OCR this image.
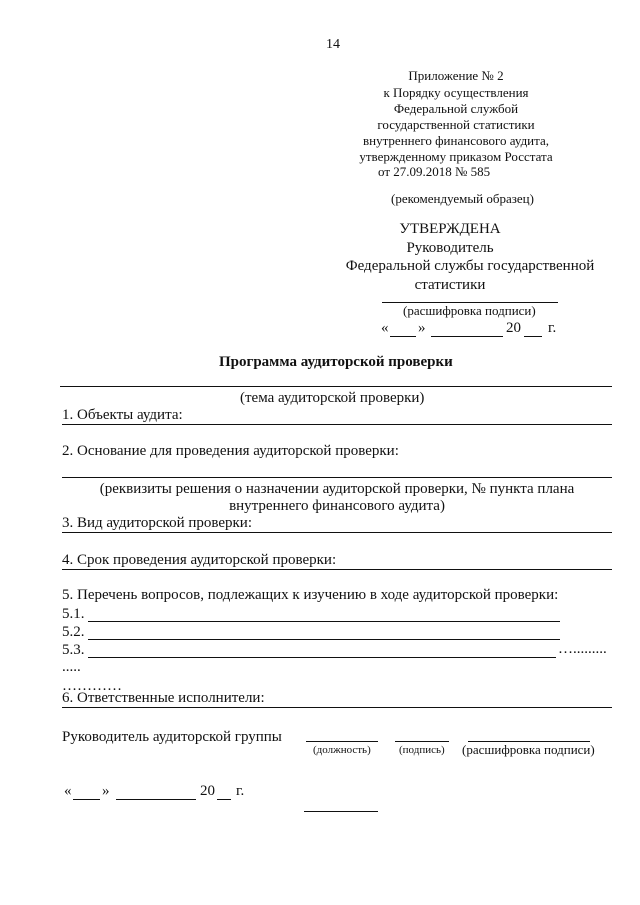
14
Приложение № 2
к Порядку осуществления
Федеральной службой
государственной статистики
внутреннего финансового аудита,
утвержденному приказом Росстата
от 27.09.2018 № 585
(рекомендуемый образец)
УТВЕРЖДЕНА
Руководитель
Федеральной службы государственной
статистики
(расшифровка подписи)
« »	20 г.
Программа аудиторской проверки
(тема аудиторской проверки)
1. Объекты аудита:
2. Основание для проведения аудиторской проверки:
(реквизиты решения о назначении аудиторской проверки, № пункта плана
внутреннего финансового аудита)
3. Вид аудиторской проверки:
4. Срок проведения аудиторской проверки:
5. Перечень вопросов, подлежащих к изучению в ходе аудиторской проверки:
5.1.
5.2.
5.3.	….........
.....
…………
6. Ответственные исполнители:
Руководитель аудиторской группы
(должность)	(подпись) (расшифровка подписи)
« »	20 г.
